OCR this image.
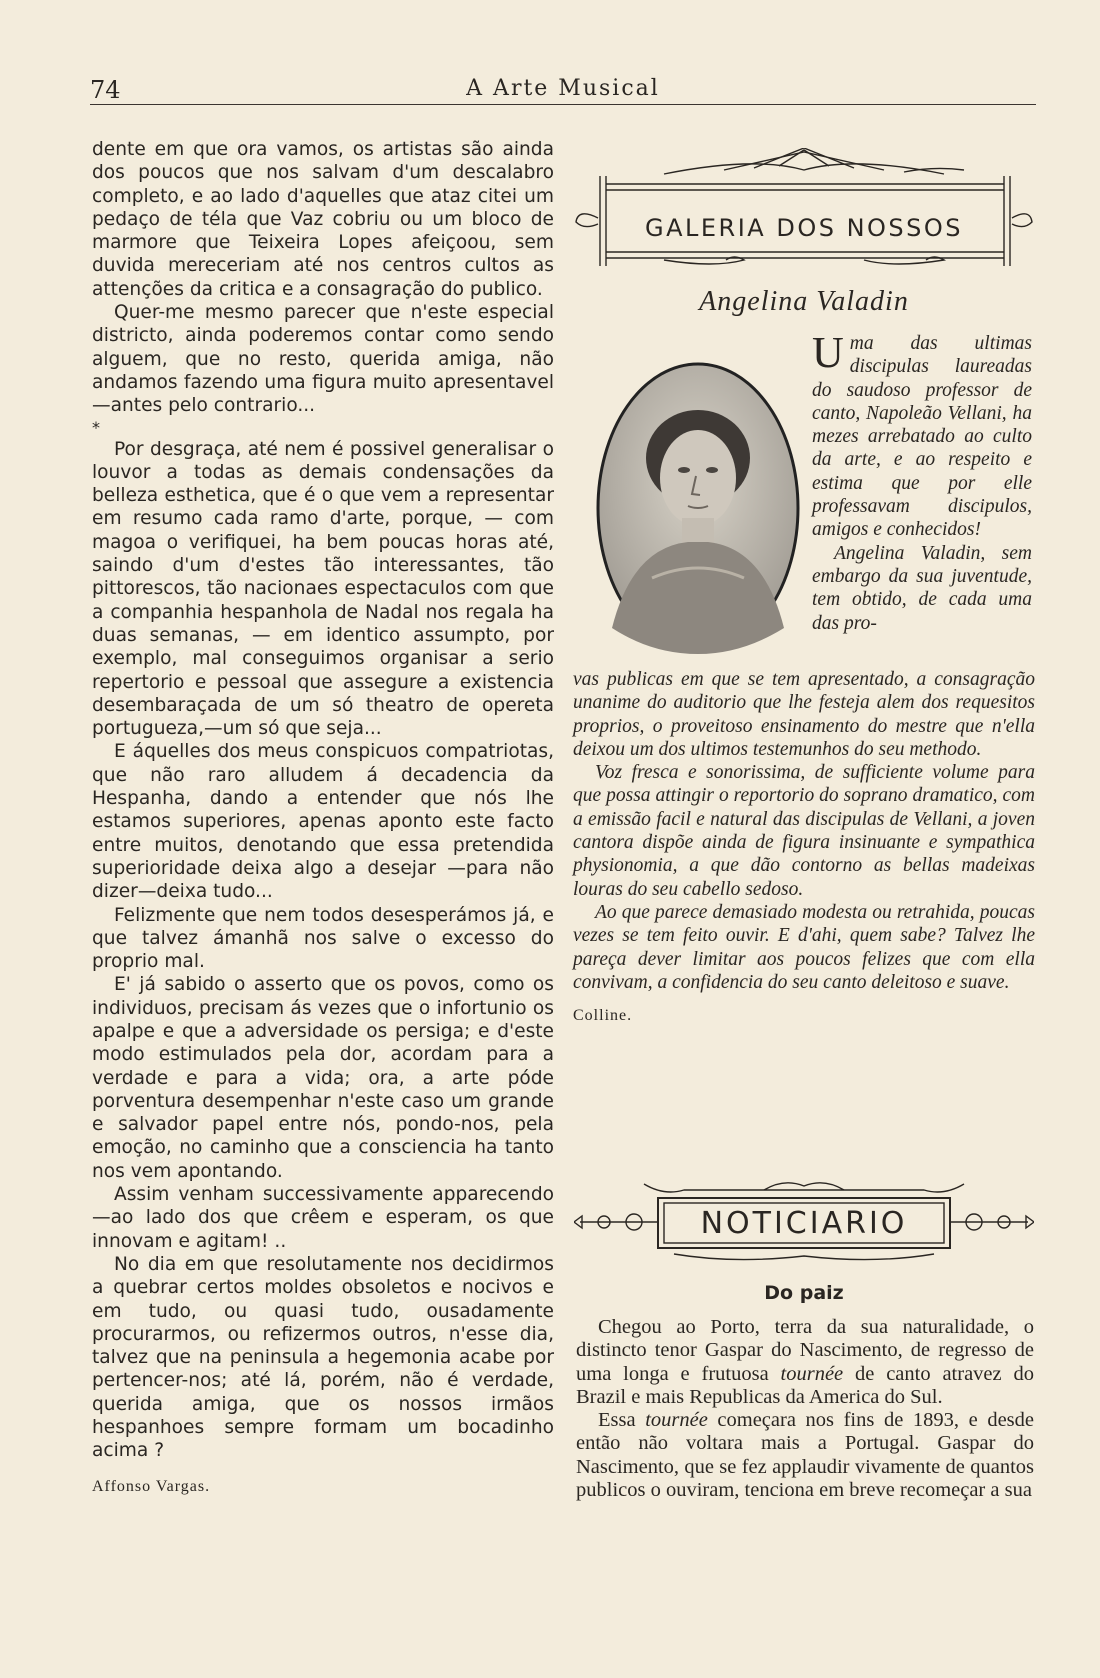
74	A Arte Musical

dente em que ora vamos, os artistas são ainda dos poucos que nos salvam d'um descalabro completo, e ao lado d'aquelles que ataz citei um pedaço de téla que Vaz cobriu ou um bloco de marmore que Teixeira Lopes afeiçoou, sem duvida mereceriam até nos centros cultos as attenções da critica e a consagração do publico.

Quer-me mesmo parecer que n'este especial districto, ainda poderemos contar como sendo alguem, que no resto, querida amiga, não andamos fazendo uma figura muito apresentavel—antes pelo contrario...

*

Por desgraça, até nem é possivel generalisar o louvor a todas as demais condensações da belleza esthetica, que é o que vem a representar em resumo cada ramo d'arte, porque, — com magoa o verifiquei, ha bem poucas horas até, saindo d'um d'estes tão interessantes, tão pittorescos, tão nacionaes espectaculos com que a companhia hespanhola de Nadal nos regala ha duas semanas, — em identico assumpto, por exemplo, mal conseguimos organisar a serio repertorio e pessoal que assegure a existencia desembaraçada de um só theatro de opereta portugueza,—um só que seja...

E áquelles dos meus conspicuos compatriotas, que não raro alludem á decadencia da Hespanha, dando a entender que nós lhe estamos superiores, apenas aponto este facto entre muitos, denotando que essa pretendida superioridade deixa algo a desejar —para não dizer—deixa tudo...

Felizmente que nem todos desesperámos já, e que talvez ámanhã nos salve o excesso do proprio mal.

E' já sabido o asserto que os povos, como os individuos, precisam ás vezes que o infortunio os apalpe e que a adversidade os persiga; e d'este modo estimulados pela dor, acordam para a verdade e para a vida; ora, a arte póde porventura desempenhar n'este caso um grande e salvador papel entre nós, pondo-nos, pela emoção, no caminho que a consciencia ha tanto nos vem apontando.

Assim venham successivamente apparecendo—ao lado dos que crêem e esperam, os que innovam e agitam! ..

No dia em que resolutamente nos decidirmos a quebrar certos moldes obsoletos e nocivos e em tudo, ou quasi tudo, ousadamente procurarmos, ou refizermos outros, n'esse dia, talvez que na peninsula a hegemonia acabe por pertencer-nos; até lá, porém, não é verdade, querida amiga, que os nossos irmãos hespanhoes sempre formam um bocadinho acima ?

Affonso Vargas.

GALERIA DOS NOSSOS
Angelina Valadin

Uma das ultimas discipulas laureadas do saudoso professor de canto, Napoleão Vellani, ha mezes arrebatado ao culto da arte, e ao respeito e estima que por elle professavam discipulos, amigos e conhecidos!

Angelina Valadin, sem embargo da sua juventude, tem obtido, de cada uma das pro-

vas publicas em que se tem apresentado, a consagração unanime do auditorio que lhe festeja alem dos requesitos proprios, o proveitoso ensinamento do mestre que n'ella deixou um dos ultimos testemunhos do seu methodo.

Voz fresca e sonorissima, de sufficiente volume para que possa attingir o reportorio do soprano dramatico, com a emissão facil e natural das discipulas de Vellani, a joven cantora dispõe ainda de figura insinuante e sympathica physionomia, a que dão contorno as bellas madeixas louras do seu cabello sedoso.

Ao que parece demasiado modesta ou retrahida, poucas vezes se tem feito ouvir. E d'ahi, quem sabe? Talvez lhe pareça dever limitar aos poucos felizes que com ella convivam, a confidencia do seu canto deleitoso e suave.

Colline.

NOTICIARIO
Do paiz

Chegou ao Porto, terra da sua naturalidade, o distincto tenor Gaspar do Nascimento, de regresso de uma longa e frutuosa tournée de canto atravez do Brazil e mais Republicas da America do Sul.

Essa tournée começara nos fins de 1893, e desde então não voltara mais a Portugal. Gaspar do Nascimento, que se fez applaudir vivamente de quantos publicos o ouviram, tenciona em breve recomeçar a sua
